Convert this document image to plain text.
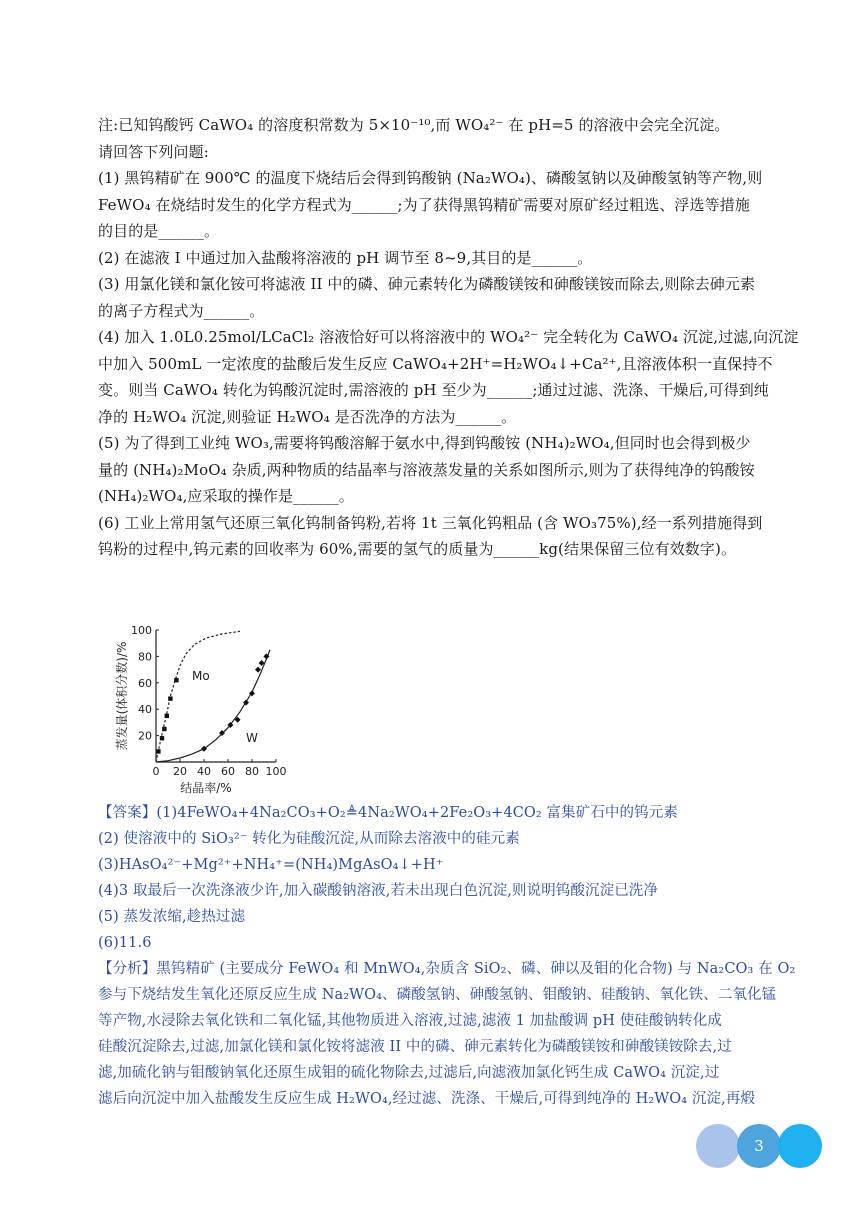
注:已知钨酸钙 CaWO₄ 的溶度积常数为 5×10⁻¹⁰,而 WO₄²⁻ 在 pH=5 的溶液中会完全沉淀。
请回答下列问题:
(1) 黑钨精矿在 900℃ 的温度下烧结后会得到钨酸钠 (Na₂WO₄)、磷酸氢钠以及砷酸氢钠等产物,则
FeWO₄ 在烧结时发生的化学方程式为______;为了获得黑钨精矿需要对原矿经过粗选、浮选等措施
的目的是______。
(2) 在滤液 I 中通过加入盐酸将溶液的 pH 调节至 8~9,其目的是______。
(3) 用氯化镁和氯化铵可将滤液 II 中的磷、砷元素转化为磷酸镁铵和砷酸镁铵而除去,则除去砷元素
的离子方程式为______。
(4) 加入 1.0L0.25mol/LCaCl₂ 溶液恰好可以将溶液中的 WO₄²⁻ 完全转化为 CaWO₄ 沉淀,过滤,向沉淀
中加入 500mL 一定浓度的盐酸后发生反应 CaWO₄+2H⁺=H₂WO₄↓+Ca²⁺,且溶液体积一直保持不
变。则当 CaWO₄ 转化为钨酸沉淀时,需溶液的 pH 至少为______;通过过滤、洗涤、干燥后,可得到纯
净的 H₂WO₄ 沉淀,则验证 H₂WO₄ 是否洗净的方法为______。
(5) 为了得到工业纯 WO₃,需要将钨酸溶解于氨水中,得到钨酸铵 (NH₄)₂WO₄,但同时也会得到极少
量的 (NH₄)₂MoO₄ 杂质,两种物质的结晶率与溶液蒸发量的关系如图所示,则为了获得纯净的钨酸铵
(NH₄)₂WO₄,应采取的操作是______。
(6) 工业上常用氢气还原三氧化钨制备钨粉,若将 1t 三氧化钨粗品 (含 WO₃75%),经一系列措施得到
钨粉的过程中,钨元素的回收率为 60%,需要的氢气的质量为______kg(结果保留三位有效数字)。
0 20 40 60 80 100
20
40
60
80
100
结晶率/%
蒸发量(体积分数)/%	Mo
W
【答案】(1)4FeWO₄+4Na₂CO₃+O₂≜4Na₂WO₄+2Fe₂O₃+4CO₂ 富集矿石中的钨元素
(2) 使溶液中的 SiO₃²⁻ 转化为硅酸沉淀,从而除去溶液中的硅元素
(3)HAsO₄²⁻+Mg²⁺+NH₄⁺=(NH₄)MgAsO₄↓+H⁺
(4)3 取最后一次洗涤液少许,加入碳酸钠溶液,若未出现白色沉淀,则说明钨酸沉淀已洗净
(5) 蒸发浓缩,趁热过滤
(6)11.6
【分析】黑钨精矿 (主要成分 FeWO₄ 和 MnWO₄,杂质含 SiO₂、磷、砷以及钼的化合物) 与 Na₂CO₃ 在 O₂
参与下烧结发生氧化还原反应生成 Na₂WO₄、磷酸氢钠、砷酸氢钠、钼酸钠、硅酸钠、氧化铁、二氧化锰
等产物,水浸除去氧化铁和二氧化锰,其他物质进入溶液,过滤,滤液 1 加盐酸调 pH 使硅酸钠转化成
硅酸沉淀除去,过滤,加氯化镁和氯化铵将滤液 II 中的磷、砷元素转化为磷酸镁铵和砷酸镁铵除去,过
滤,加硫化钠与钼酸钠氧化还原生成钼的硫化物除去,过滤后,向滤液加氯化钙生成 CaWO₄ 沉淀,过
滤后向沉淀中加入盐酸发生反应生成 H₂WO₄,经过滤、洗涤、干燥后,可得到纯净的 H₂WO₄ 沉淀,再煅
3
